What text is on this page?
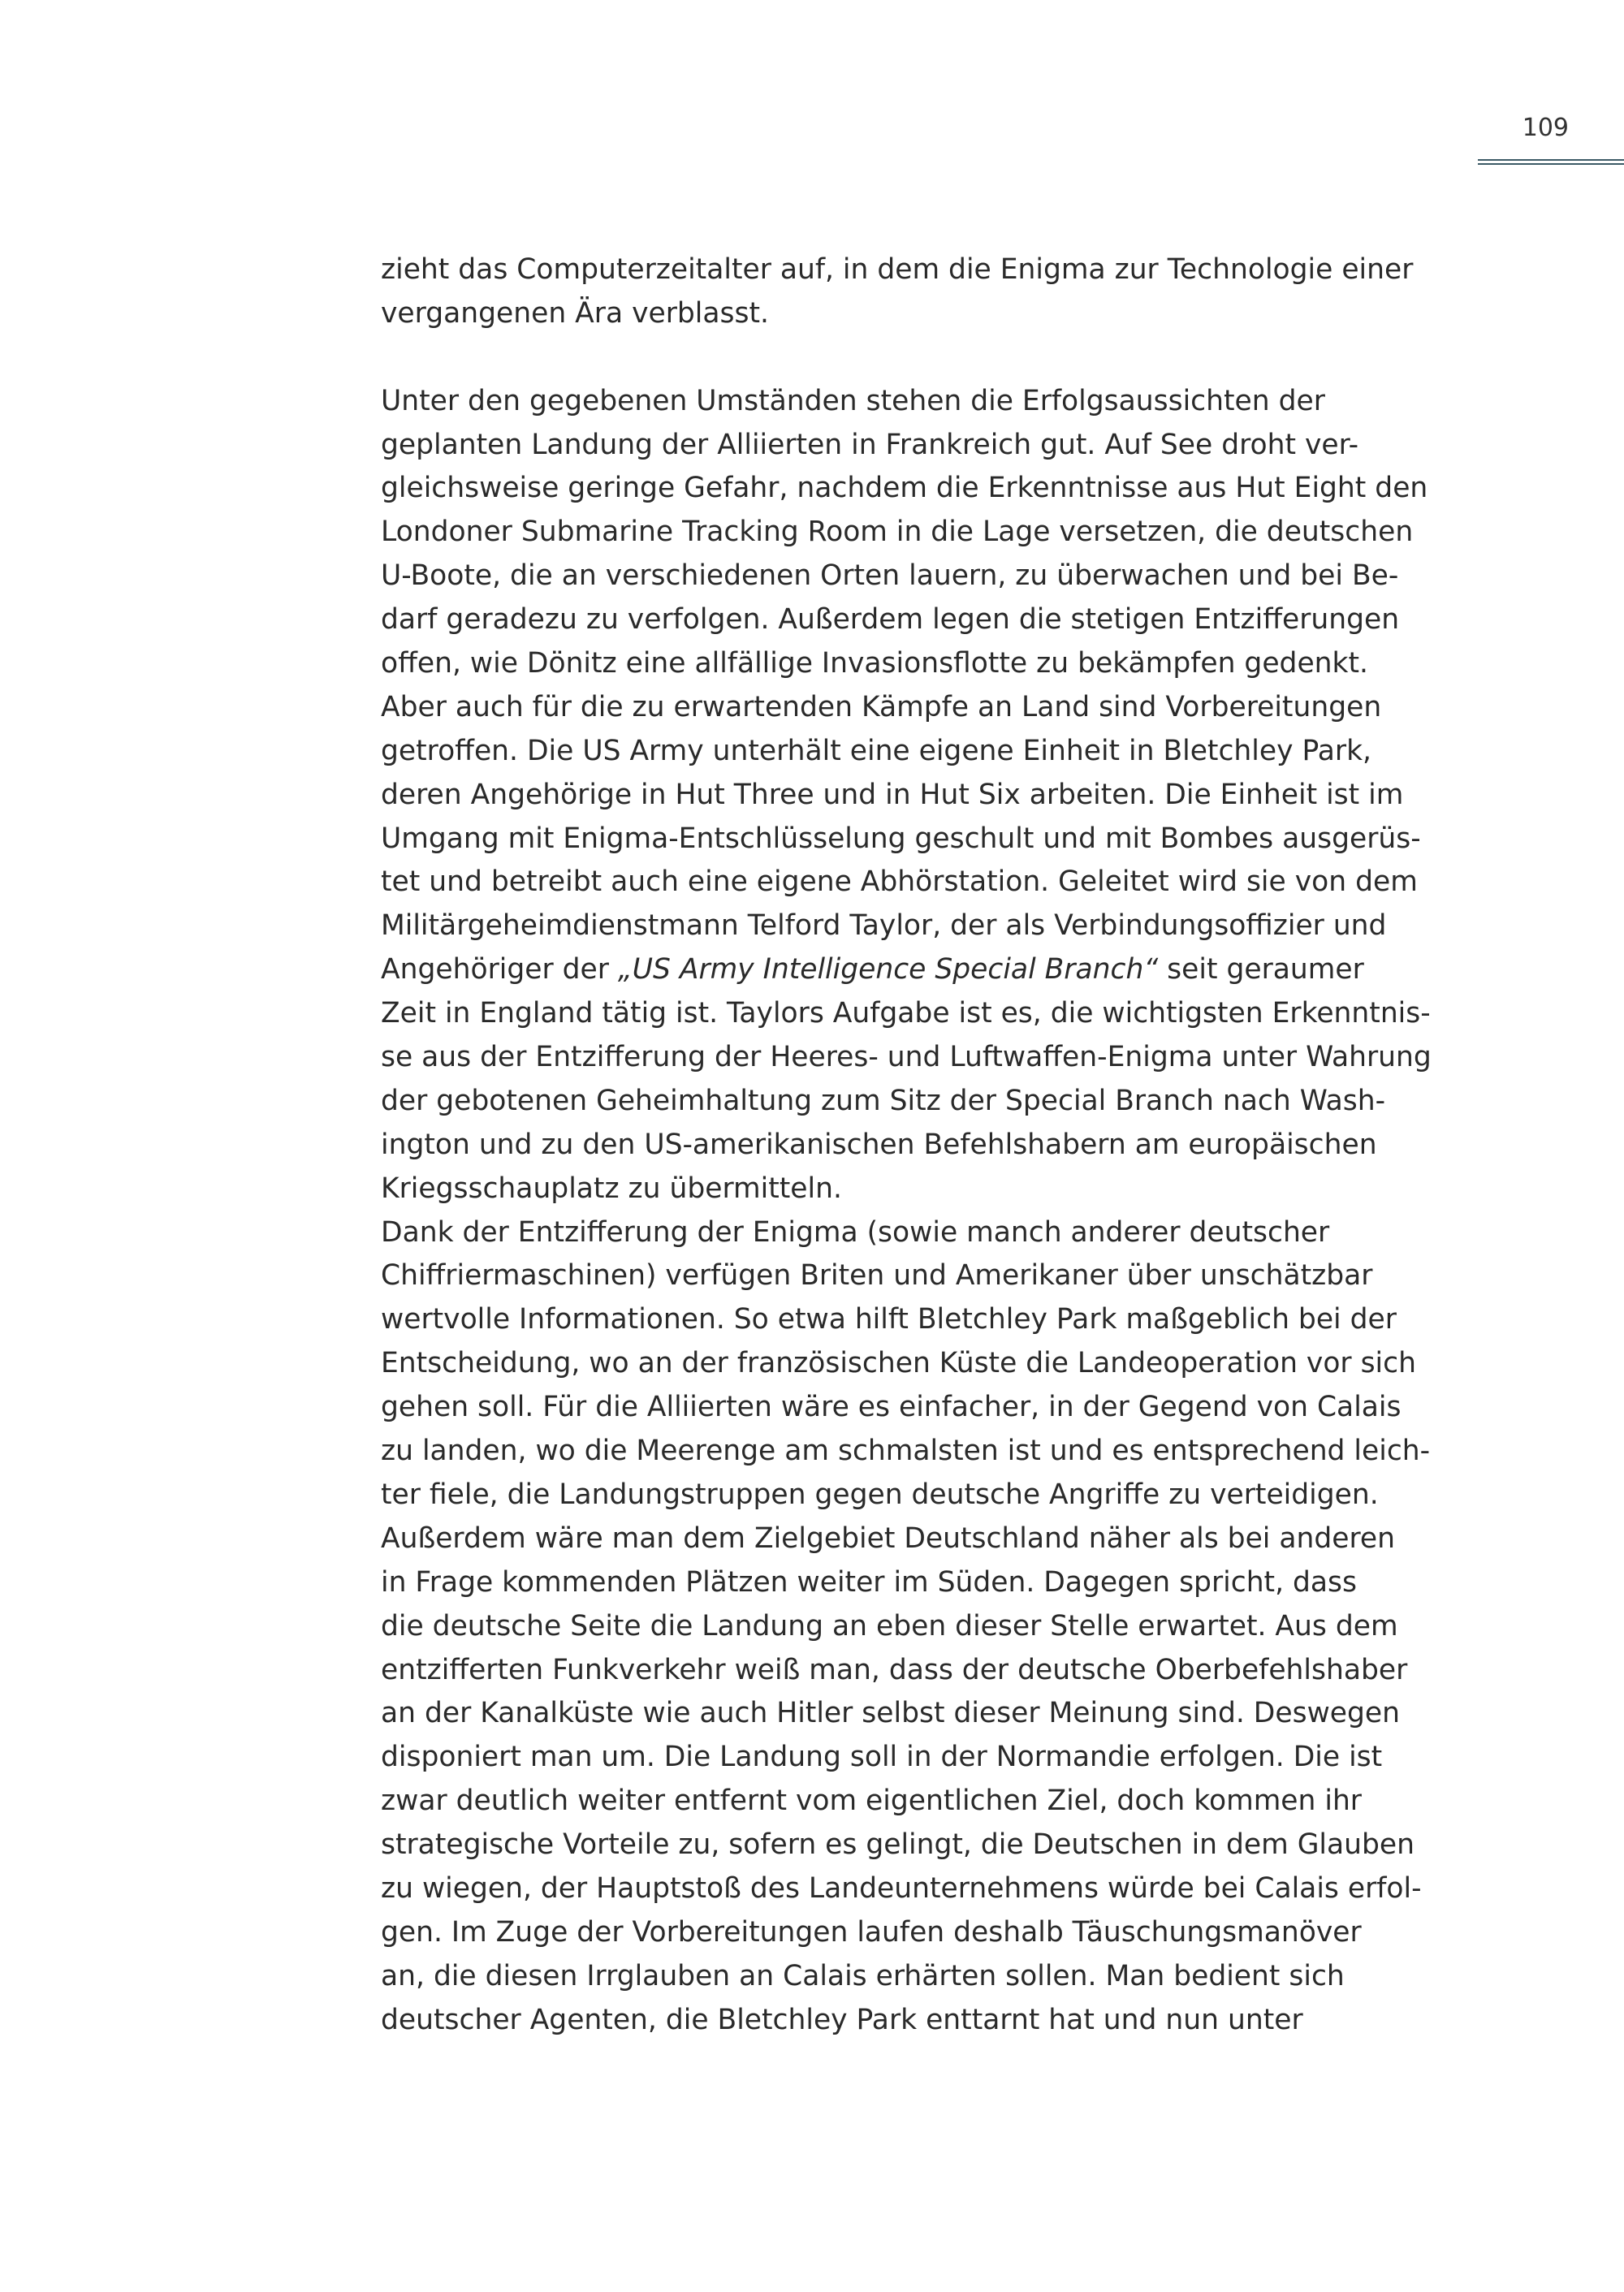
109
zieht das Computerzeitalter auf, in dem die Enigma zur Technologie einer
vergangenen Ära verblasst.
Unter den gegebenen Umständen stehen die Erfolgsaussichten der
geplanten Landung der Alliierten in Frankreich gut. Auf See droht ver-
gleichsweise geringe Gefahr, nachdem die Erkenntnisse aus Hut Eight den
Londoner Submarine Tracking Room in die Lage versetzen, die deutschen
U-Boote, die an verschiedenen Orten lauern, zu überwachen und bei Be-
darf geradezu zu verfolgen. Außerdem legen die stetigen Entzifferungen
offen, wie Dönitz eine allfällige Invasionsflotte zu bekämpfen gedenkt.
Aber auch für die zu erwartenden Kämpfe an Land sind Vorbereitungen
getroffen. Die US Army unterhält eine eigene Einheit in Bletchley Park,
deren Angehörige in Hut Three und in Hut Six arbeiten. Die Einheit ist im
Umgang mit Enigma-Entschlüsselung geschult und mit Bombes ausgerüs-
tet und betreibt auch eine eigene Abhörstation. Geleitet wird sie von dem
Militärgeheimdienstmann Telford Taylor, der als Verbindungsoffizier und
Angehöriger der „US Army Intelligence Special Branch“ seit geraumer
Zeit in England tätig ist. Taylors Aufgabe ist es, die wichtigsten Erkenntnis-
se aus der Entzifferung der Heeres- und Luftwaffen-Enigma unter Wahrung
der gebotenen Geheimhaltung zum Sitz der Special Branch nach Wash-
ington und zu den US-amerikanischen Befehlshabern am europäischen
Kriegsschauplatz zu übermitteln.
Dank der Entzifferung der Enigma (sowie manch anderer deutscher
Chiffriermaschinen) verfügen Briten und Amerikaner über unschätzbar
wertvolle Informationen. So etwa hilft Bletchley Park maßgeblich bei der
Entscheidung, wo an der französischen Küste die Landeoperation vor sich
gehen soll. Für die Alliierten wäre es einfacher, in der Gegend von Calais
zu landen, wo die Meerenge am schmalsten ist und es entsprechend leich-
ter fiele, die Landungstruppen gegen deutsche Angriffe zu verteidigen.
Außerdem wäre man dem Zielgebiet Deutschland näher als bei anderen
in Frage kommenden Plätzen weiter im Süden. Dagegen spricht, dass
die deutsche Seite die Landung an eben dieser Stelle erwartet. Aus dem
entzifferten Funkverkehr weiß man, dass der deutsche Oberbefehlshaber
an der Kanalküste wie auch Hitler selbst dieser Meinung sind. Deswegen
disponiert man um. Die Landung soll in der Normandie erfolgen. Die ist
zwar deutlich weiter entfernt vom eigentlichen Ziel, doch kommen ihr
strategische Vorteile zu, sofern es gelingt, die Deutschen in dem Glauben
zu wiegen, der Hauptstoß des Landeunternehmens würde bei Calais erfol-
gen. Im Zuge der Vorbereitungen laufen deshalb Täuschungsmanöver
an, die diesen Irrglauben an Calais erhärten sollen. Man bedient sich
deutscher Agenten, die Bletchley Park enttarnt hat und nun unter
